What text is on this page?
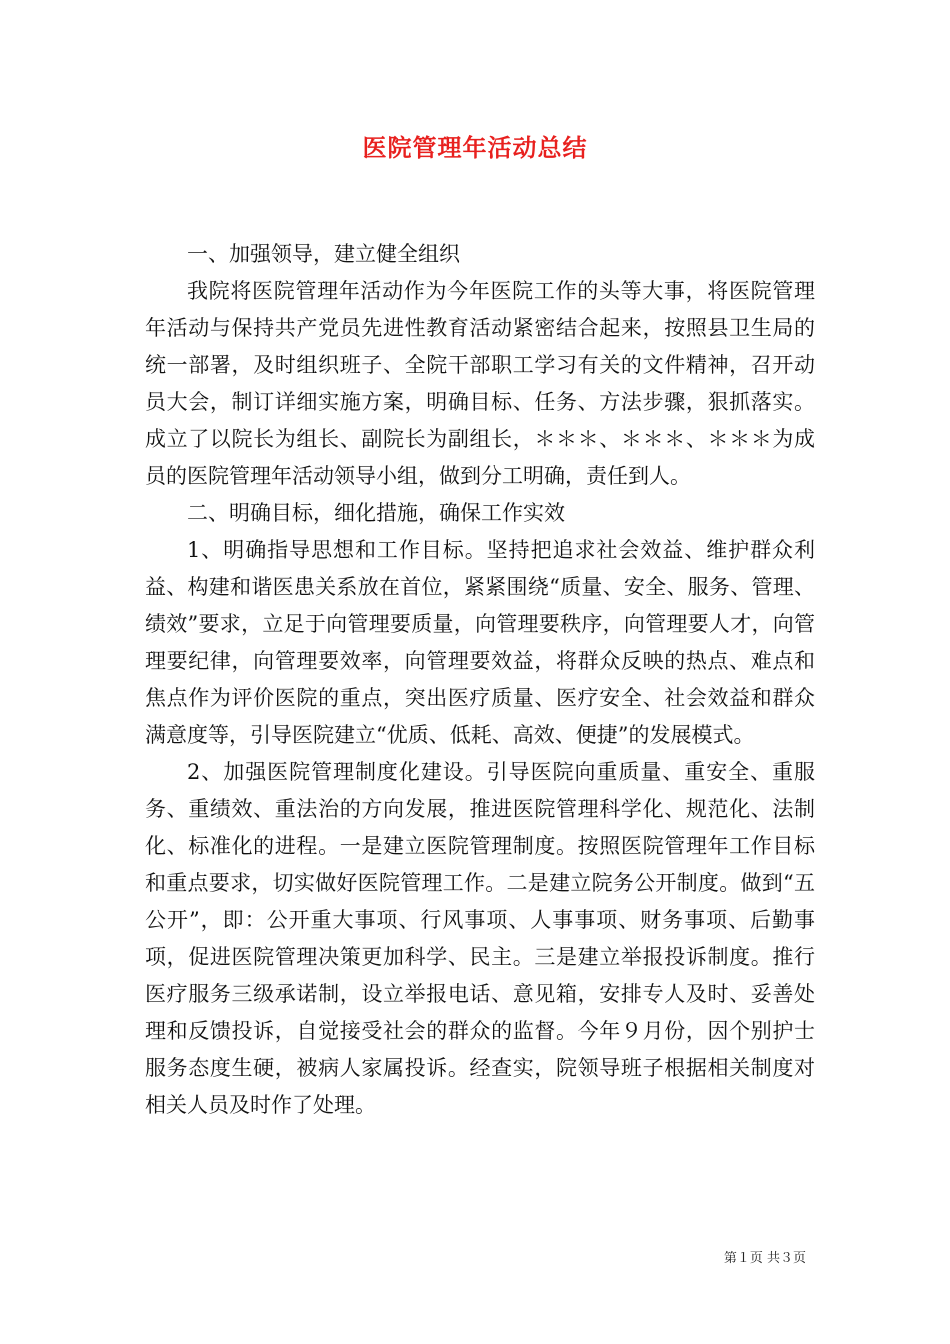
医院管理年活动总结

一、加强领导，建立健全组织

我院将医院管理年活动作为今年医院工作的头等大事，将医院管理年活动与保持共产党员先进性教育活动紧密结合起来，按照县卫生局的统一部署，及时组织班子、全院干部职工学习有关的文件精神，召开动员大会，制订详细实施方案，明确目标、任务、方法步骤，狠抓落实。成立了以院长为组长、副院长为副组长，＊＊＊、＊＊＊、＊＊＊为成员的医院管理年活动领导小组，做到分工明确，责任到人。

二、明确目标，细化措施，确保工作实效

1、明确指导思想和工作目标。坚持把追求社会效益、维护群众利益、构建和谐医患关系放在首位，紧紧围绕“质量、安全、服务、管理、绩效”要求，立足于向管理要质量，向管理要秩序，向管理要人才，向管理要纪律，向管理要效率，向管理要效益，将群众反映的热点、难点和焦点作为评价医院的重点，突出医疗质量、医疗安全、社会效益和群众满意度等，引导医院建立“优质、低耗、高效、便捷”的发展模式。

2、加强医院管理制度化建设。引导医院向重质量、重安全、重服务、重绩效、重法治的方向发展，推进医院管理科学化、规范化、法制化、标准化的进程。一是建立医院管理制度。按照医院管理年工作目标和重点要求，切实做好医院管理工作。二是建立院务公开制度。做到“五公开”，即：公开重大事项、行风事项、人事事项、财务事项、后勤事项，促进医院管理决策更加科学、民主。三是建立举报投诉制度。推行医疗服务三级承诺制，设立举报电话、意见箱，安排专人及时、妥善处理和反馈投诉，自觉接受社会的群众的监督。今年９月份，因个别护士服务态度生硬，被病人家属投诉。经查实，院领导班子根据相关制度对相关人员及时作了处理。

第１页 共３页
